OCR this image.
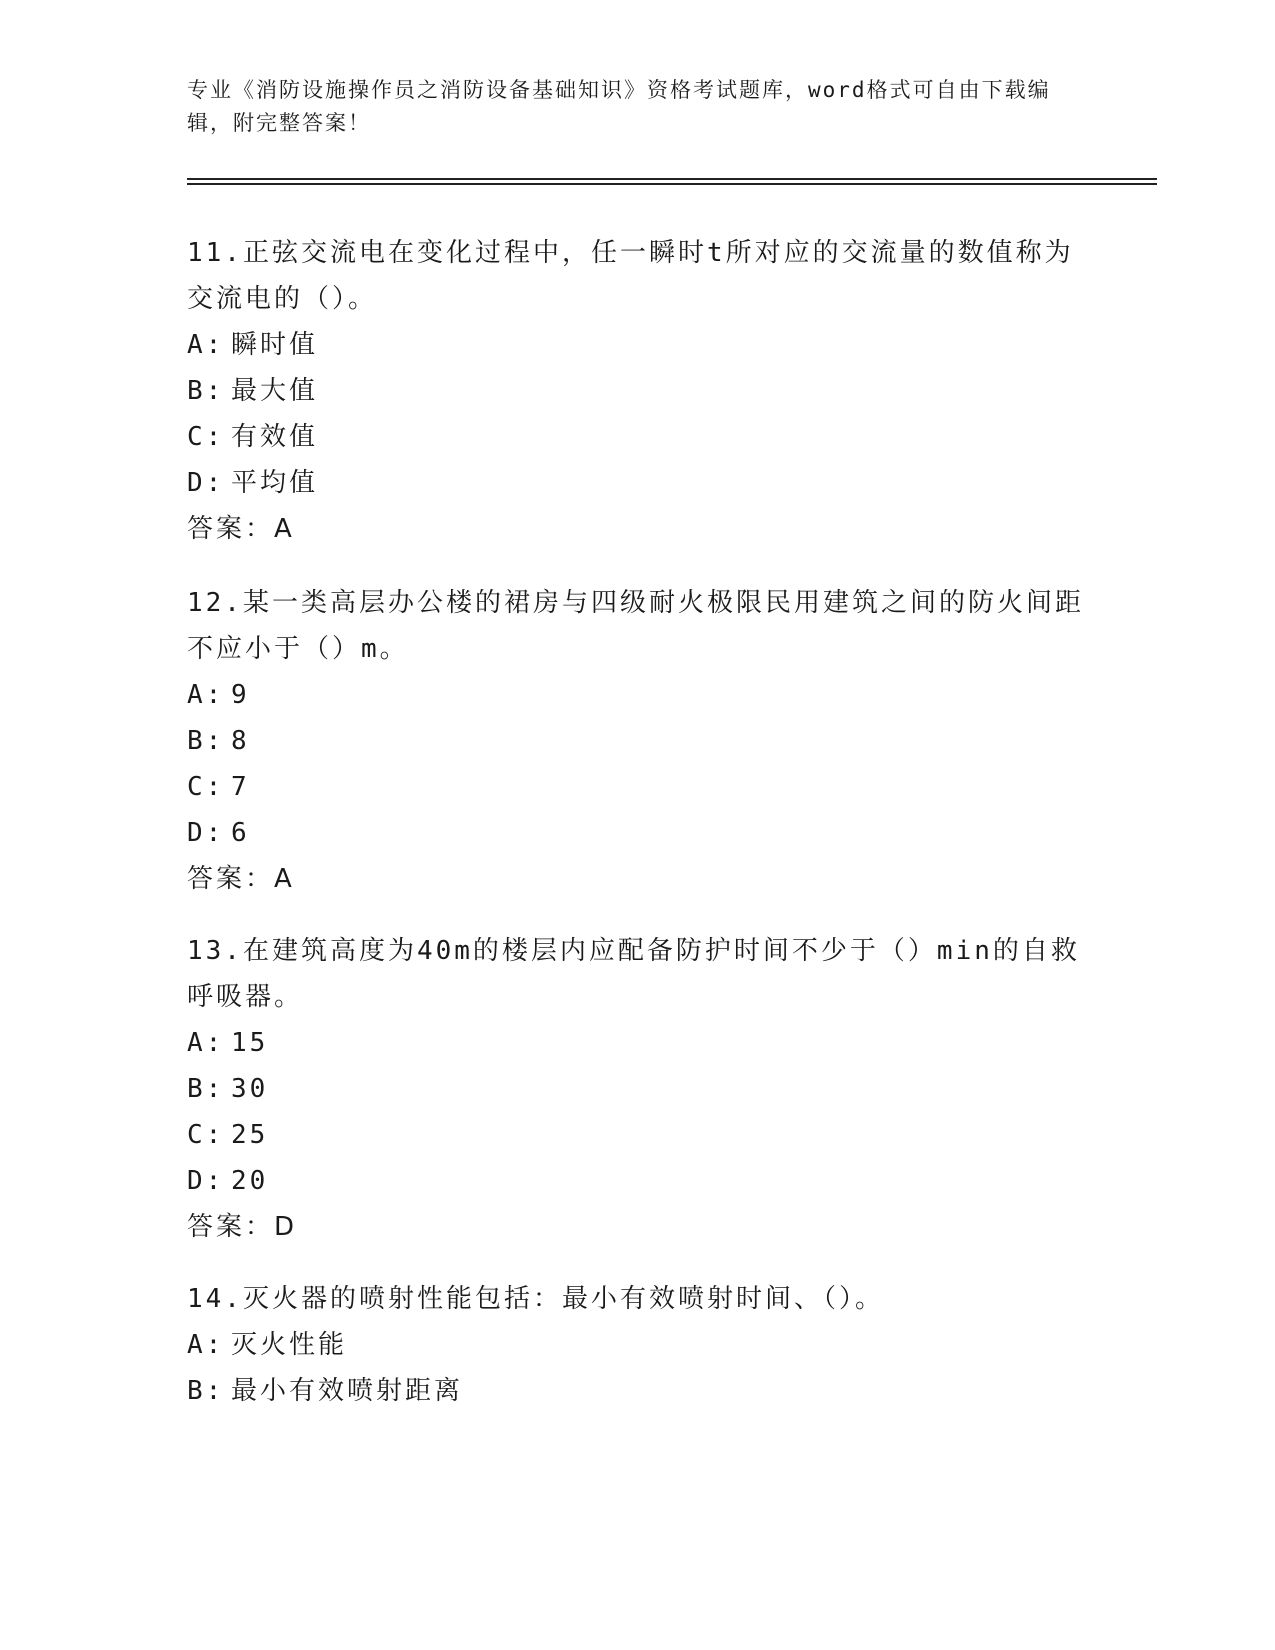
专业《消防设施操作员之消防设备基础知识》资格考试题库，word格式可自由下载编辑，附完整答案！

11.正弦交流电在变化过程中，任一瞬时t所对应的交流量的数值称为

交流电的（）。

A: 瞬时值
B: 最大值
C: 有效值
D: 平均值

答案：A

12.某一类高层办公楼的裙房与四级耐火极限民用建筑之间的防火间距

不应小于（）m。

A: 9
B: 8
C: 7
D: 6

答案：A

13.在建筑高度为40m的楼层内应配备防护时间不少于（）min的自救

呼吸器。

A: 15
B: 30
C: 25
D: 20

答案：D

14.灭火器的喷射性能包括：最小有效喷射时间、（）。

A: 灭火性能
B: 最小有效喷射距离
